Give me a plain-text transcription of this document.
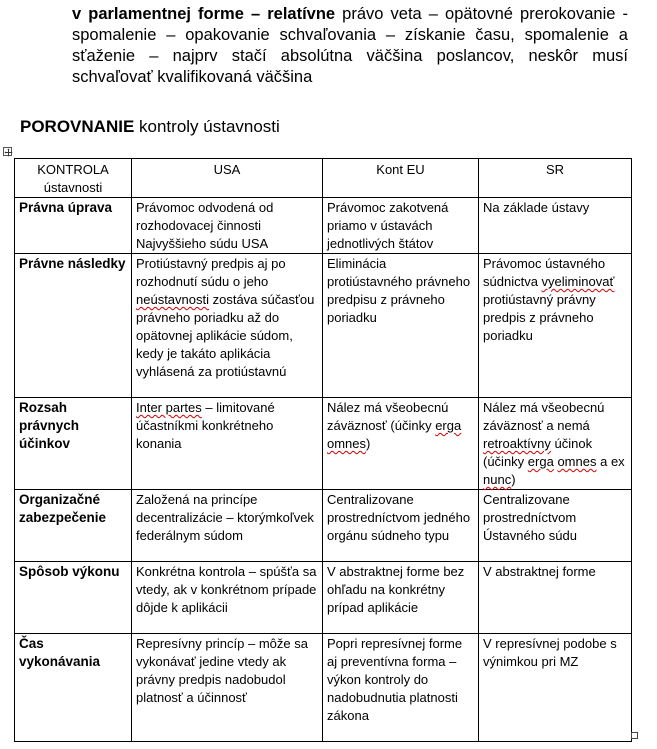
v parlamentnej forme – relatívne právo veta – opätovné prerokovanie - spomalenie – opakovanie schvaľovania – získanie času, spomalenie a sťaženie – najprv stačí absolútna väčšina poslancov, neskôr musí schvaľovať kvalifikovaná väčšina
POROVNANIE kontroly ústavnosti
KONTROLA ústavnosti	USA	Kont EU	SR
Právna úprava	Právomoc odvodená od rozhodovacej činnosti Najvyššieho súdu USA	Právomoc zakotvená priamo v ústavách jednotlivých štátov	Na základe ústavy
Právne následky	Protiústavný predpis aj po rozhodnutí súdu o jeho neústavnosti zostáva súčasťou právneho poriadku až do opätovnej aplikácie súdom, kedy je takáto aplikácia vyhlásená za protiústavnú	Eliminácia protiústavného právneho predpisu z právneho poriadku	Právomoc ústavného súdnictva vyeliminovať protiústavný právny predpis z právneho poriadku
Rozsah právnych účinkov	Inter partes – limitované účastníkmi konkrétneho konania	Nález má všeobecnú záväznosť (účinky erga omnes)	Nález má všeobecnú záväznosť a nemá retroaktívny účinok (účinky erga omnes a ex nunc)
Organizačné zabezpečenie	Založená na princípe decentralizácie – ktorýmkoľvek federálnym súdom	Centralizovane prostredníctvom jedného orgánu súdneho typu	Centralizovane prostredníctvom Ústavného súdu
Spôsob výkonu	Konkrétna kontrola – spúšťa sa vtedy, ak v konkrétnom prípade dôjde k aplikácii	V abstraktnej forme bez ohľadu na konkrétny prípad aplikácie	V abstraktnej forme
Čas vykonávania	Represívny princíp – môže sa vykonávať jedine vtedy ak právny predpis nadobudol platnosť a účinnosť	Popri represívnej forme aj preventívna forma – výkon kontroly do nadobudnutia platnosti zákona	V represívnej podobe s výnimkou pri MZ
